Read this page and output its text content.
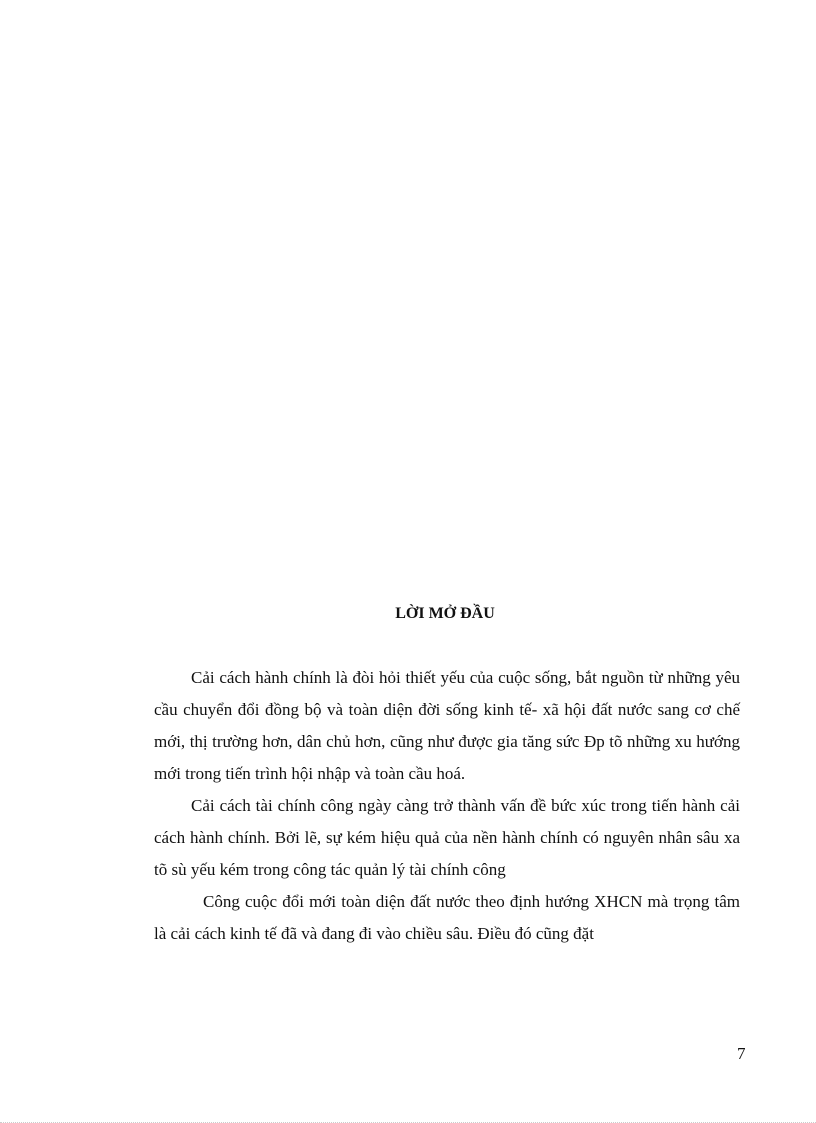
LỜI MỞ ĐẦU

Cải cách hành chính là đòi hỏi thiết yếu của cuộc sống, bắt nguồn từ những yêu cầu chuyển đổi đồng bộ và toàn diện đời sống kinh tế- xã hội đất nước sang cơ chế mới, thị trường hơn, dân chủ hơn, cũng như được gia tăng sức Đp tõ những xu hướng mới trong tiến trình hội nhập và toàn cầu hoá.

Cải cách tài chính công ngày càng trở thành vấn đề bức xúc trong tiến hành cải cách hành chính. Bởi lẽ, sự kém hiệu quả của nền hành chính có nguyên nhân sâu xa tõ sù yếu kém trong công tác quản lý tài chính công

Công cuộc đổi mới toàn diện đất nước theo định hướng XHCN mà trọng tâm là cải cách kinh tế đã và đang đi vào chiều sâu. Điều đó cũng đặt

7
